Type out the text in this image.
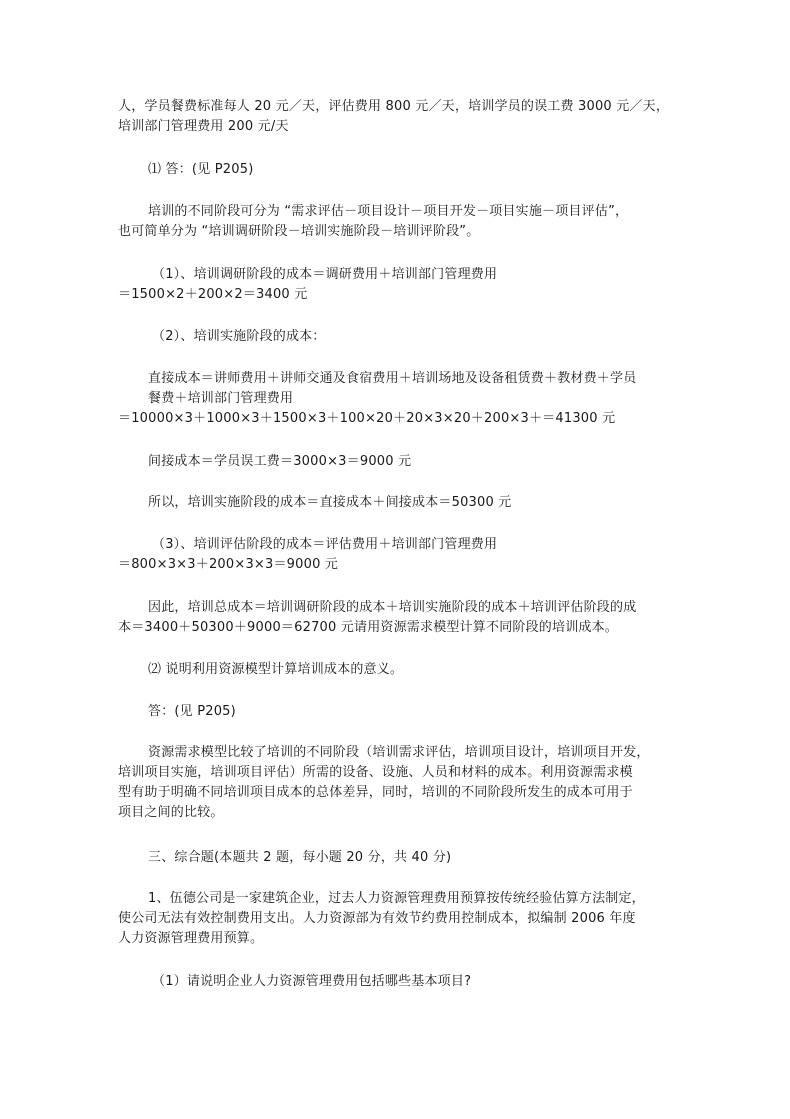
人，学员餐费标准每人 20 元／天，评估费用 800 元／天，培训学员的误工费 3000 元／天，
培训部门管理费用 200 元/天

⑴ 答：(见 P205)

培训的不同阶段可分为 “需求评估－项目设计－项目开发－项目实施－项目评估”，
也可简单分为 “培训调研阶段－培训实施阶段－培训评阶段”。

（1）、培训调研阶段的成本＝调研费用＋培训部门管理费用
＝1500×2＋200×2＝3400 元

（2）、培训实施阶段的成本：

直接成本＝讲师费用＋讲师交通及食宿费用＋培训场地及设备租赁费＋教材费＋学员
餐费＋培训部门管理费用
＝10000×3＋1000×3＋1500×3＋100×20＋20×3×20＋200×3＋＝41300 元

间接成本＝学员误工费＝3000×3＝9000 元

所以，培训实施阶段的成本＝直接成本＋间接成本＝50300 元

（3）、培训评估阶段的成本＝评估费用＋培训部门管理费用
＝800×3×3＋200×3×3＝9000 元

因此，培训总成本＝培训调研阶段的成本＋培训实施阶段的成本＋培训评估阶段的成
本＝3400＋50300＋9000＝62700 元请用资源需求模型计算不同阶段的培训成本。

⑵ 说明利用资源模型计算培训成本的意义。

答：(见 P205)

资源需求模型比较了培训的不同阶段（培训需求评估，培训项目设计，培训项目开发，
培训项目实施，培训项目评估）所需的设备、设施、人员和材料的成本。利用资源需求模
型有助于明确不同培训项目成本的总体差异，同时，培训的不同阶段所发生的成本可用于
项目之间的比较。

三、综合题(本题共 2 题，每小题 20 分，共 40 分)

1、伍德公司是一家建筑企业，过去人力资源管理费用预算按传统经验估算方法制定，
使公司无法有效控制费用支出。人力资源部为有效节约费用控制成本，拟编制 2006 年度
人力资源管理费用预算。

（1）请说明企业人力资源管理费用包括哪些基本项目?
